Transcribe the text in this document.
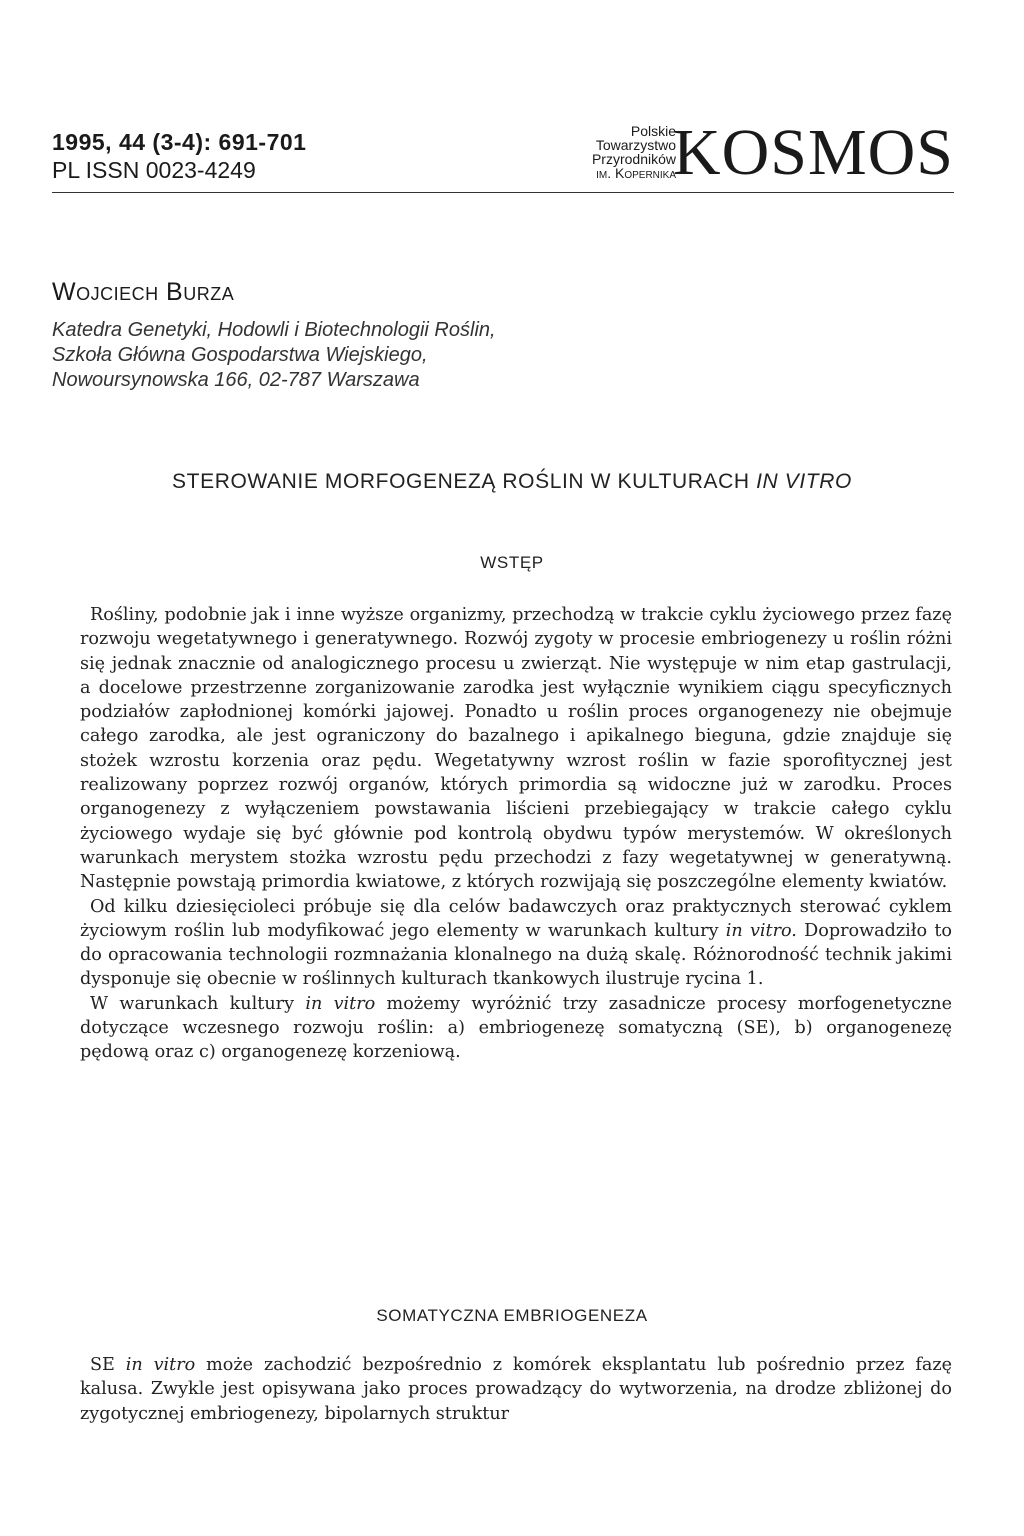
1995, 44 (3-4): 691-701
PL ISSN 0023-4249
Polskie
Towarzystwo
Przyrodników
im. Kopernika
KOSMOS
Wojciech Burza
Katedra Genetyki, Hodowli i Biotechnologii Roślin,
Szkoła Główna Gospodarstwa Wiejskiego,
Nowoursynowska 166, 02-787 Warszawa
STEROWANIE MORFOGENEZĄ ROŚLIN W KULTURACH IN VITRO
WSTĘP

Rośliny, podobnie jak i inne wyższe organizmy, przechodzą w trakcie cyklu życiowego przez fazę rozwoju wegetatywnego i generatywnego. Rozwój zygoty w procesie embriogenezy u roślin różni się jednak znacznie od analogicznego procesu u zwierząt. Nie występuje w nim etap gastrulacji, a docelowe przestrzenne zorganizowanie zarodka jest wyłącznie wynikiem ciągu specyficznych podziałów zapłodnionej komórki jajowej. Ponadto u roślin proces organogenezy nie obejmuje całego zarodka, ale jest ograniczony do bazalnego i apikalnego bieguna, gdzie znajduje się stożek wzrostu korzenia oraz pędu. Wegetatywny wzrost roślin w fazie sporofitycznej jest realizowany poprzez rozwój organów, których primordia są widoczne już w zarodku. Proces organogenezy z wyłączeniem powstawania liścieni przebiegający w trakcie całego cyklu życiowego wydaje się być głównie pod kontrolą obydwu typów merystemów. W określonych warunkach merystem stożka wzrostu pędu przechodzi z fazy wegetatywnej w generatywną. Następnie powstają primordia kwiatowe, z których rozwijają się poszczególne elementy kwiatów.

Od kilku dziesięcioleci próbuje się dla celów badawczych oraz praktycznych sterować cyklem życiowym roślin lub modyfikować jego elementy w warunkach kultury in vitro. Doprowadziło to do opracowania technologii rozmnażania klonalnego na dużą skalę. Różnorodność technik jakimi dysponuje się obecnie w roślinnych kulturach tkankowych ilustruje rycina 1.

W warunkach kultury in vitro możemy wyróżnić trzy zasadnicze procesy morfogenetyczne dotyczące wczesnego rozwoju roślin: a) embriogenezę somatyczną (SE), b) organogenezę pędową oraz c) organogenezę korzeniową.

SOMATYCZNA EMBRIOGENEZA

SE in vitro może zachodzić bezpośrednio z komórek eksplantatu lub pośrednio przez fazę kalusa. Zwykle jest opisywana jako proces prowadzący do wytworzenia, na drodze zbliżonej do zygotycznej embriogenezy, bipolarnych struktur
